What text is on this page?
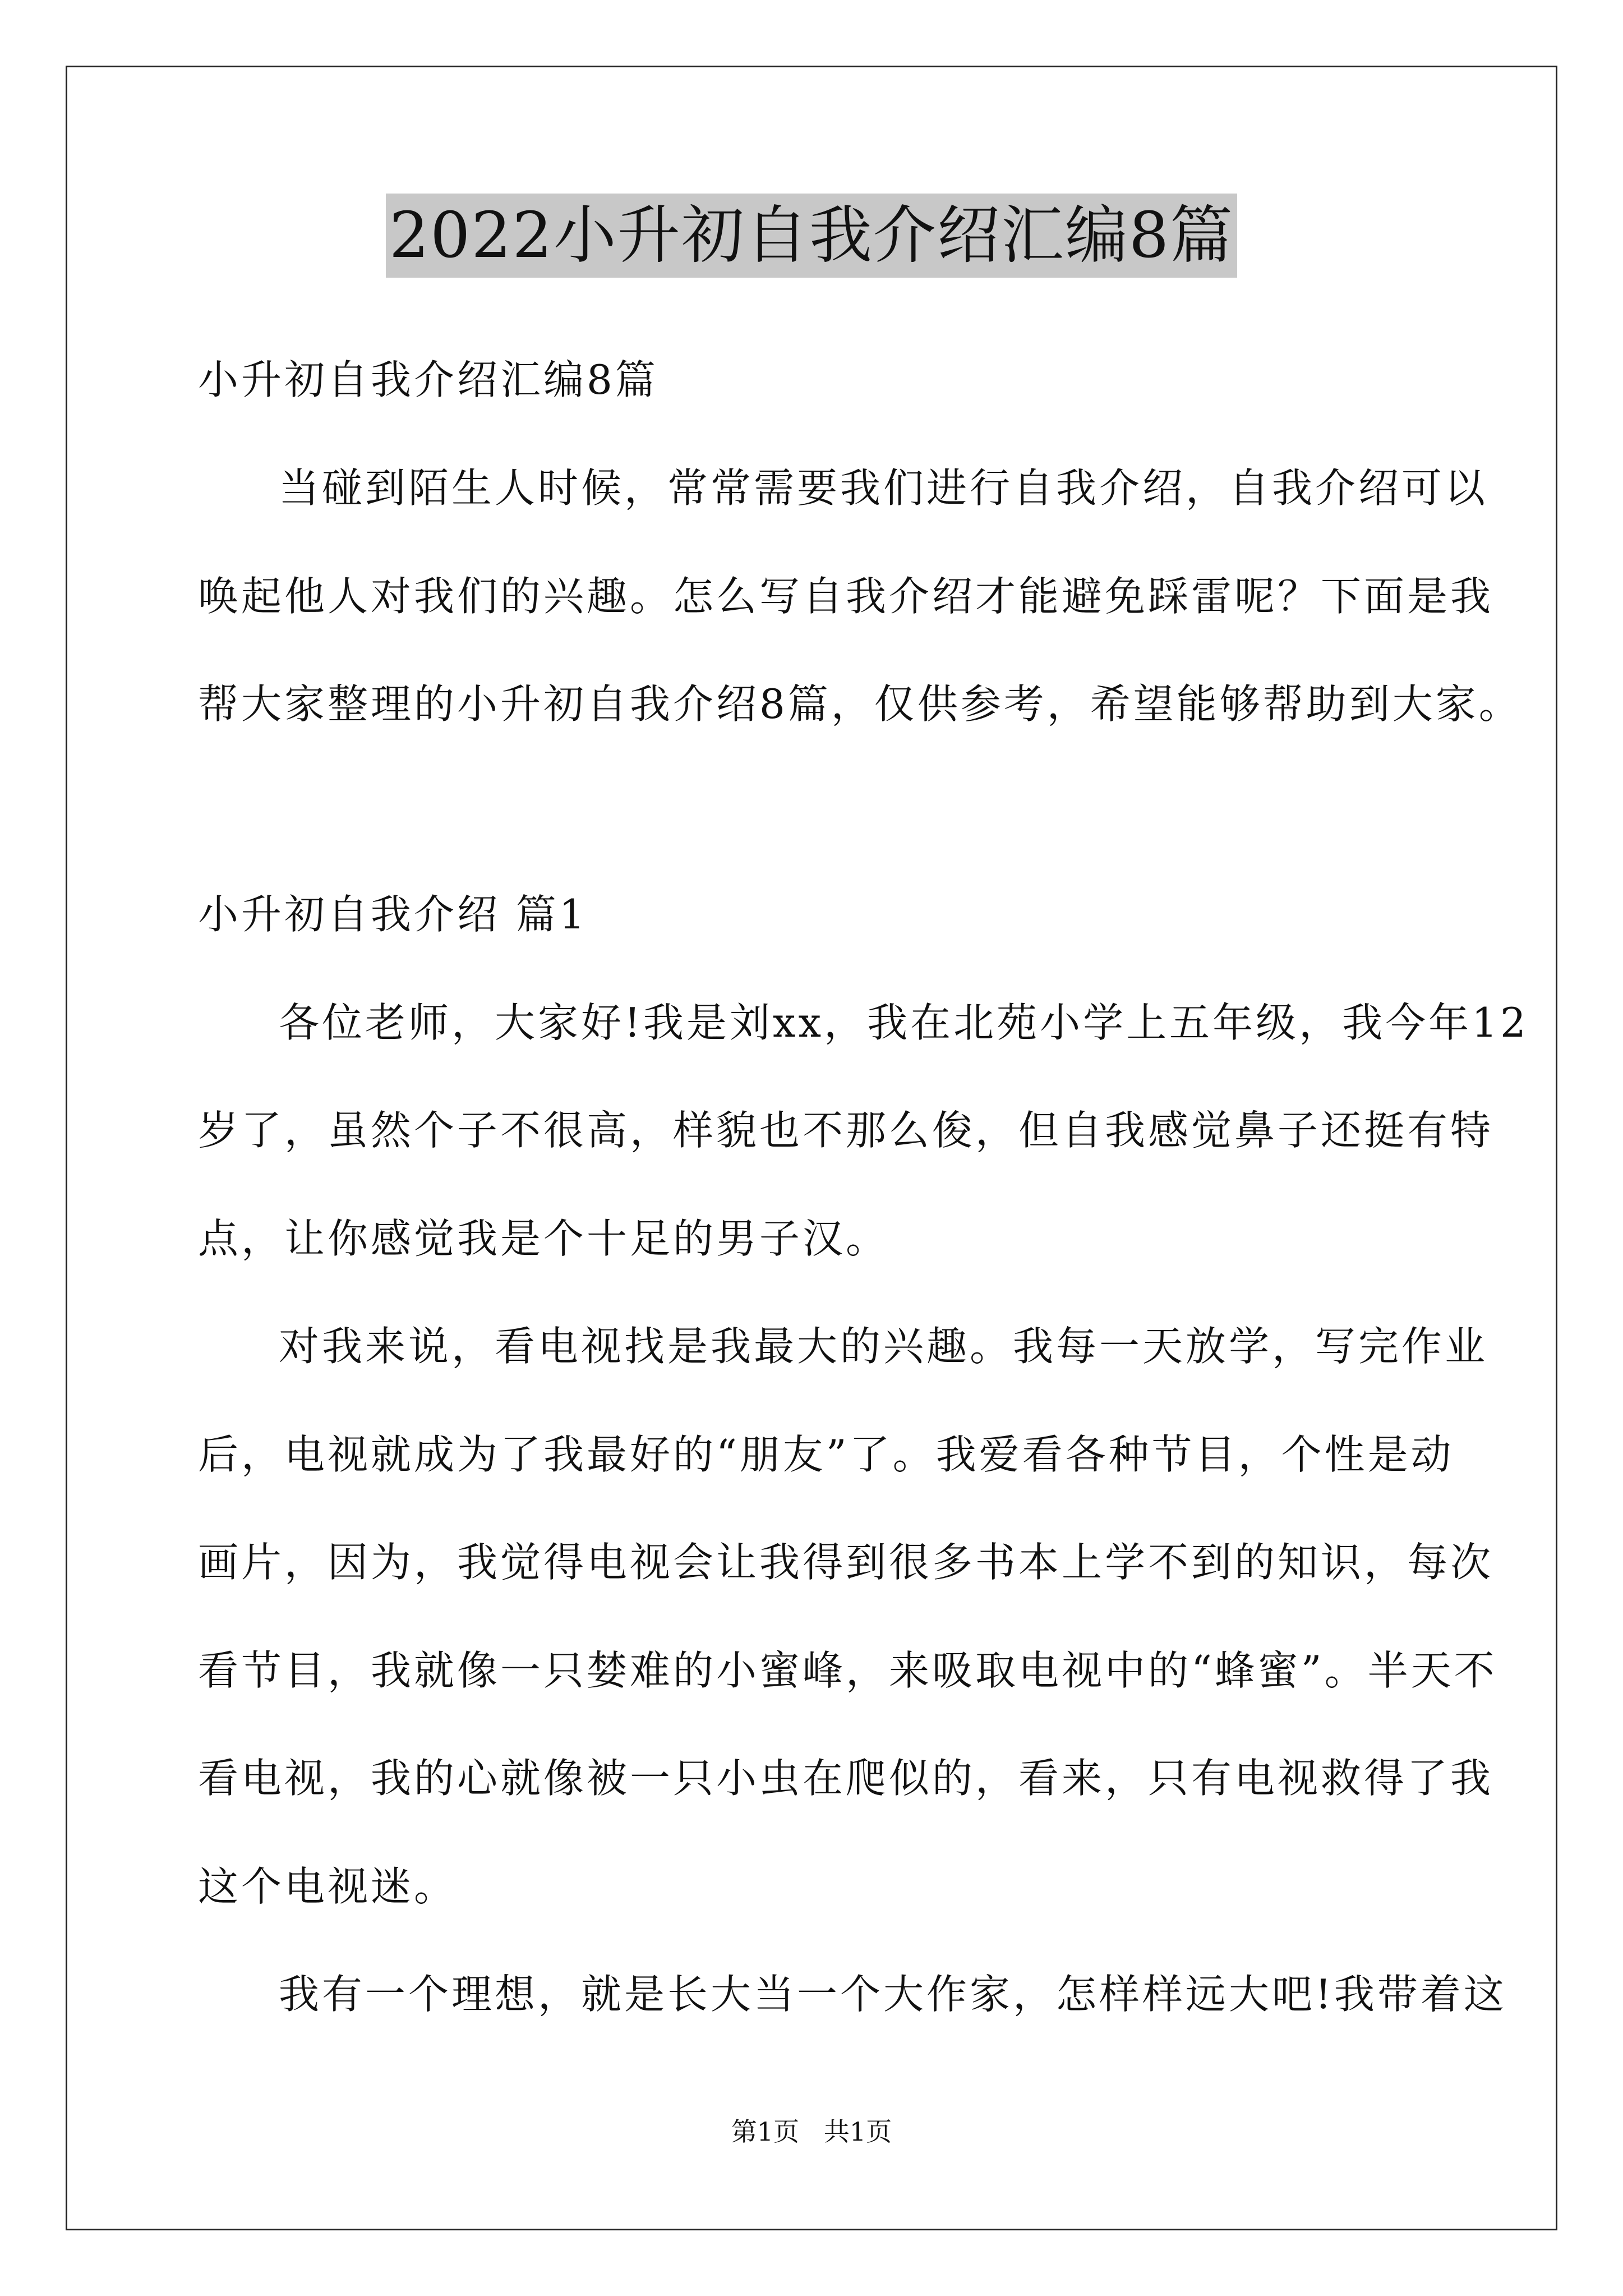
2022小升初自我介绍汇编8篇
小升初自我介绍汇编8篇
当碰到陌生人时候，常常需要我们进行自我介绍，自我介绍可以
唤起他人对我们的兴趣。怎么写自我介绍才能避免踩雷呢？下面是我
帮大家整理的小升初自我介绍8篇，仅供参考，希望能够帮助到大家。
小升初自我介绍 篇1
各位老师，大家好!我是刘xx，我在北苑小学上五年级，我今年12
岁了，虽然个子不很高，样貌也不那么俊，但自我感觉鼻子还挺有特
点，让你感觉我是个十足的男子汉。
对我来说，看电视找是我最大的兴趣。我每一天放学，写完作业
后，电视就成为了我最好的“朋友”了。我爱看各种节目，个性是动
画片，因为，我觉得电视会让我得到很多书本上学不到的知识，每次
看节目，我就像一只婪难的小蜜峰，来吸取电视中的“蜂蜜”。半天不
看电视，我的心就像被一只小虫在爬似的，看来，只有电视救得了我
这个电视迷。
我有一个理想，就是长大当一个大作家，怎样样远大吧!我带着这
第1页   共1页
